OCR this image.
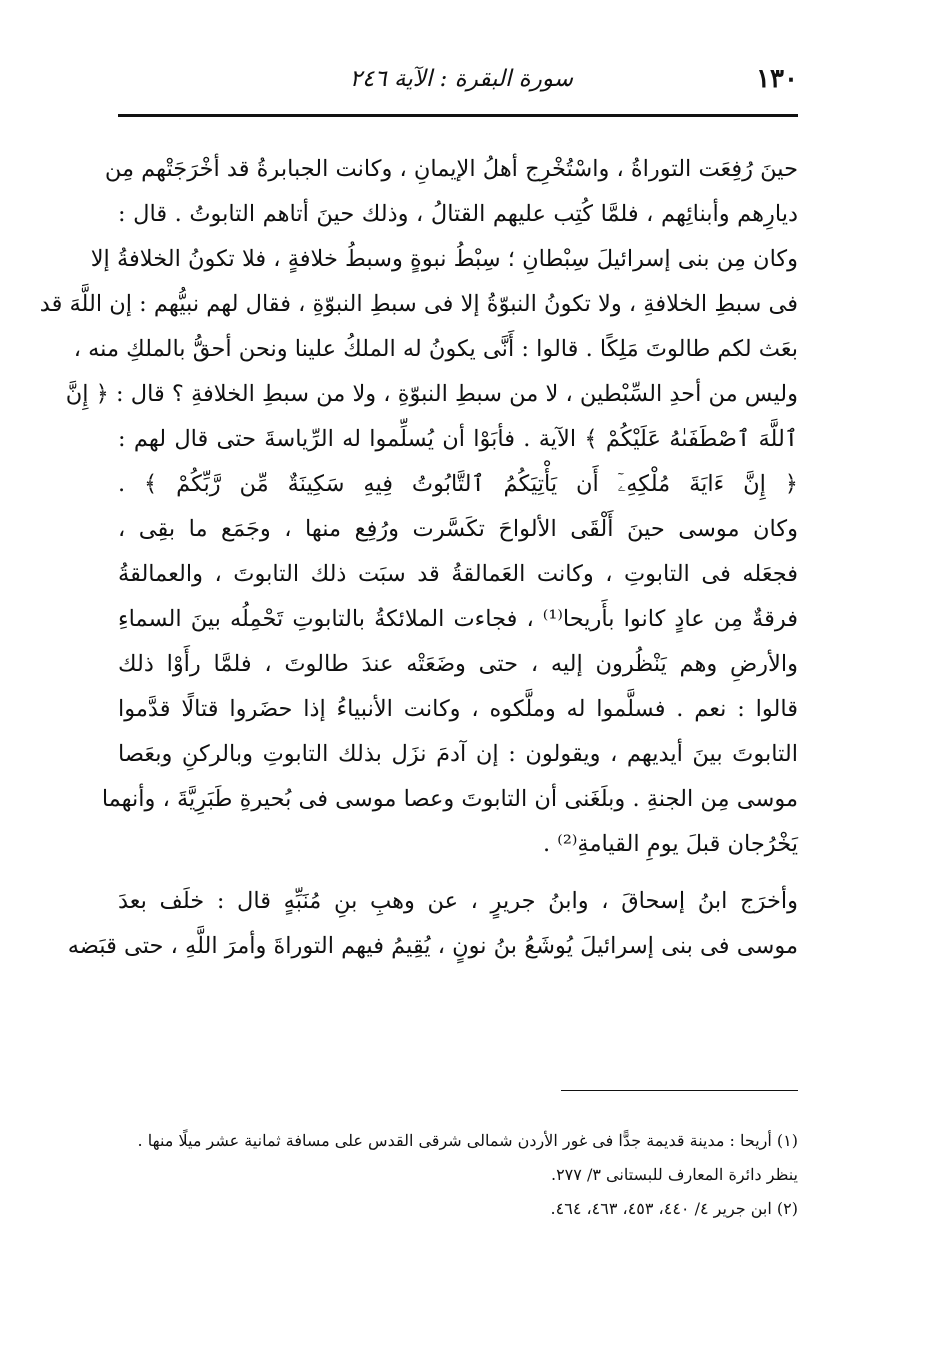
١٣٠
سورة البقرة : الآية ٢٤٦
حينَ رُفِعَت التوراةُ ، واسْتُخْرِج أهلُ الإيمانِ ، وكانت الجبابرةُ قد أخْرَجَتْهم مِن
ديارِهم وأبنائِهم ، فلمَّا كُتِب عليهم القتالُ ، وذلك حينَ أتاهم التابوتُ . قال :
وكان مِن بنى إسرائيلَ سِبْطانِ ؛ سِبْطُ نبوةٍ وسبطُ خلافةٍ ، فلا تكونُ الخلافةُ إلا
فى سبطِ الخلافةِ ، ولا تكونُ النبوّةُ إلا فى سبطِ النبوّةِ ، فقال لهم نبيُّهم : إن اللَّهَ قد
بعَث لكم طالوتَ مَلِكًا . قالوا : أَنَّى يكونُ له الملكُ علينا ونحن أحقُّ بالملكِ منه ،
وليس من أحدِ السِّبْطين ، لا من سبطِ النبوّةِ ، ولا من سبطِ الخلافةِ ؟ قال : ﴿ إِنَّ
ٱللَّهَ ٱصْطَفَىٰهُ عَلَيْكُمْ ﴾ الآية . فأبَوْا أن يُسلِّموا له الرِّياسةَ حتى قال لهم :
﴿ إِنَّ ءَايَةَ مُلْكِهِۦٓ أَن يَأْتِيَكُمُ ٱلتَّابُوتُ فِيهِ سَكِينَةٌ مِّن رَّبِّكُمْ ﴾ .
وكان موسى حينَ أَلْقَى الألواحَ تكَسَّرت ورُفِع منها ، وجَمَع ما بقِى ،
فجعَله فى التابوتِ ، وكانت العَمالقةُ قد سبَت ذلك التابوتَ ، والعمالقةُ
فرقةٌ مِن عادٍ كانوا بأَريحا⁽¹⁾ ، فجاءت الملائكةُ بالتابوتِ تَحْمِلُه بينَ السماءِ
والأرضِ وهم يَنْظُرون إليه ، حتى وضَعَتْه عندَ طالوتَ ، فلمَّا رأَوْا ذلك
قالوا : نعم . فسلَّموا له وملَّكوه ، وكانت الأنبياءُ إذا حضَروا قتالًا قدَّموا
التابوتَ بينَ أيديهم ، ويقولون : إن آدمَ نزَل بذلك التابوتِ وبالركنِ وبعَصا
موسى مِن الجنةِ . وبلَغَنى أن التابوتَ وعصا موسى فى بُحيرةِ طَبَرِيَّةَ ، وأنهما
يَخْرُجان قبلَ يومِ القيامةِ⁽²⁾ .
وأخرَج ابنُ إسحاقَ ، وابنُ جريرٍ ، عن وهبِ بنِ مُنَبِّهٍ قال : خلَف بعدَ
موسى فى بنى إسرائيلَ يُوشَعُ بنُ نونٍ ، يُقِيمُ فيهم التوراةَ وأمرَ اللَّهِ ، حتى قبَضه
(١) أريحا : مدينة قديمة جدًّا فى غور الأردن شمالى شرقى القدس على مسافة ثمانية عشر ميلًا منها .
ينظر دائرة المعارف للبستانى ٣/ ٢٧٧.
(٢) ابن جرير ٤/ ٤٤٠، ٤٥٣، ٤٦٣، ٤٦٤.
